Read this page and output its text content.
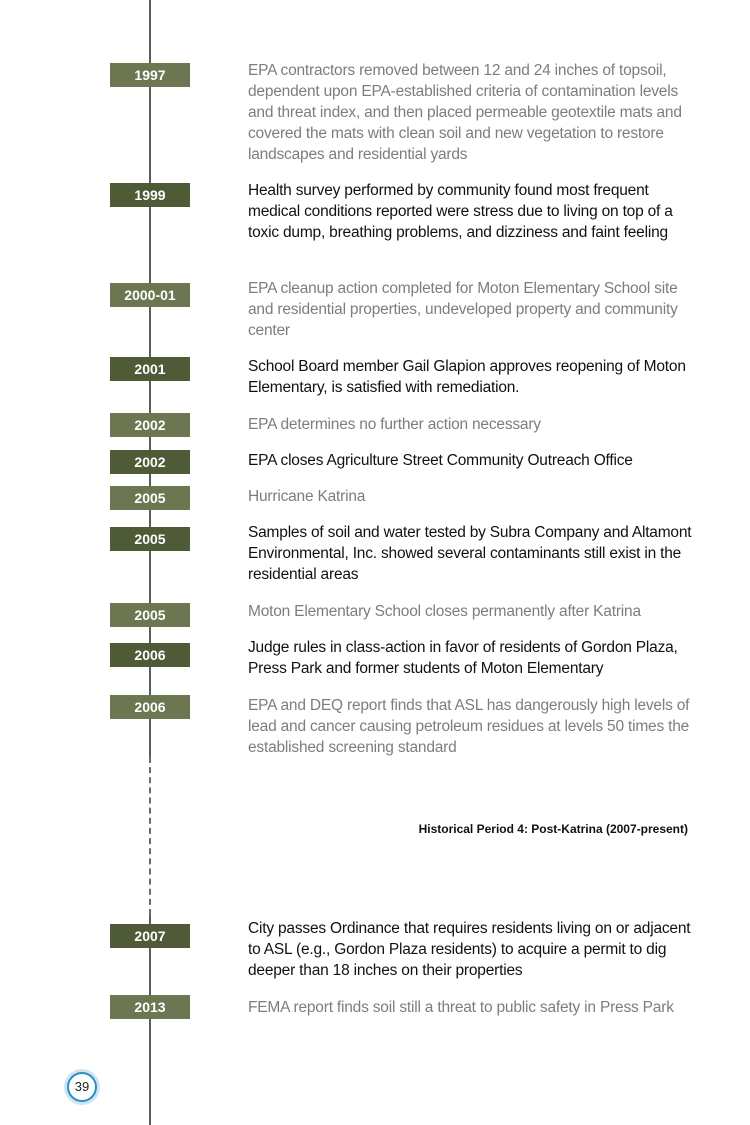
1997	EPA contractors removed between 12 and 24 inches of topsoil, dependent upon EPA-established criteria of contamination levels and threat index, and then placed permeable geotextile mats and covered the mats with clean soil and new vegetation to restore landscapes and residential yards
1999	Health survey performed by community found most frequent medical conditions reported were stress due to living on top of a toxic dump, breathing problems, and dizziness and faint feeling
2000-01	EPA cleanup action completed for Moton Elementary School site and residential properties, undeveloped property and community center
2001	School Board member Gail Glapion approves reopening of Moton Elementary, is satisfied with remediation.
2002	EPA determines no further action necessary
2002	EPA closes Agriculture Street Community Outreach Office
2005	Hurricane Katrina
2005	Samples of soil and water tested by Subra Company and Altamont Environmental, Inc. showed several contaminants still exist in the residential areas
2005	Moton Elementary School closes permanently after Katrina
2006	Judge rules in class-action in favor of residents of Gordon Plaza, Press Park and former students of Moton Elementary
2006	EPA and DEQ report finds that ASL has dangerously high levels of lead and cancer causing petroleum residues at levels 50 times the established screening standard
Historical Period 4: Post-Katrina (2007-present)
2007	City passes Ordinance that requires residents living on or adjacent to ASL (e.g., Gordon Plaza residents) to acquire a permit to dig deeper than 18 inches on their properties
2013	FEMA report finds soil still a threat to public safety in Press Park
39
